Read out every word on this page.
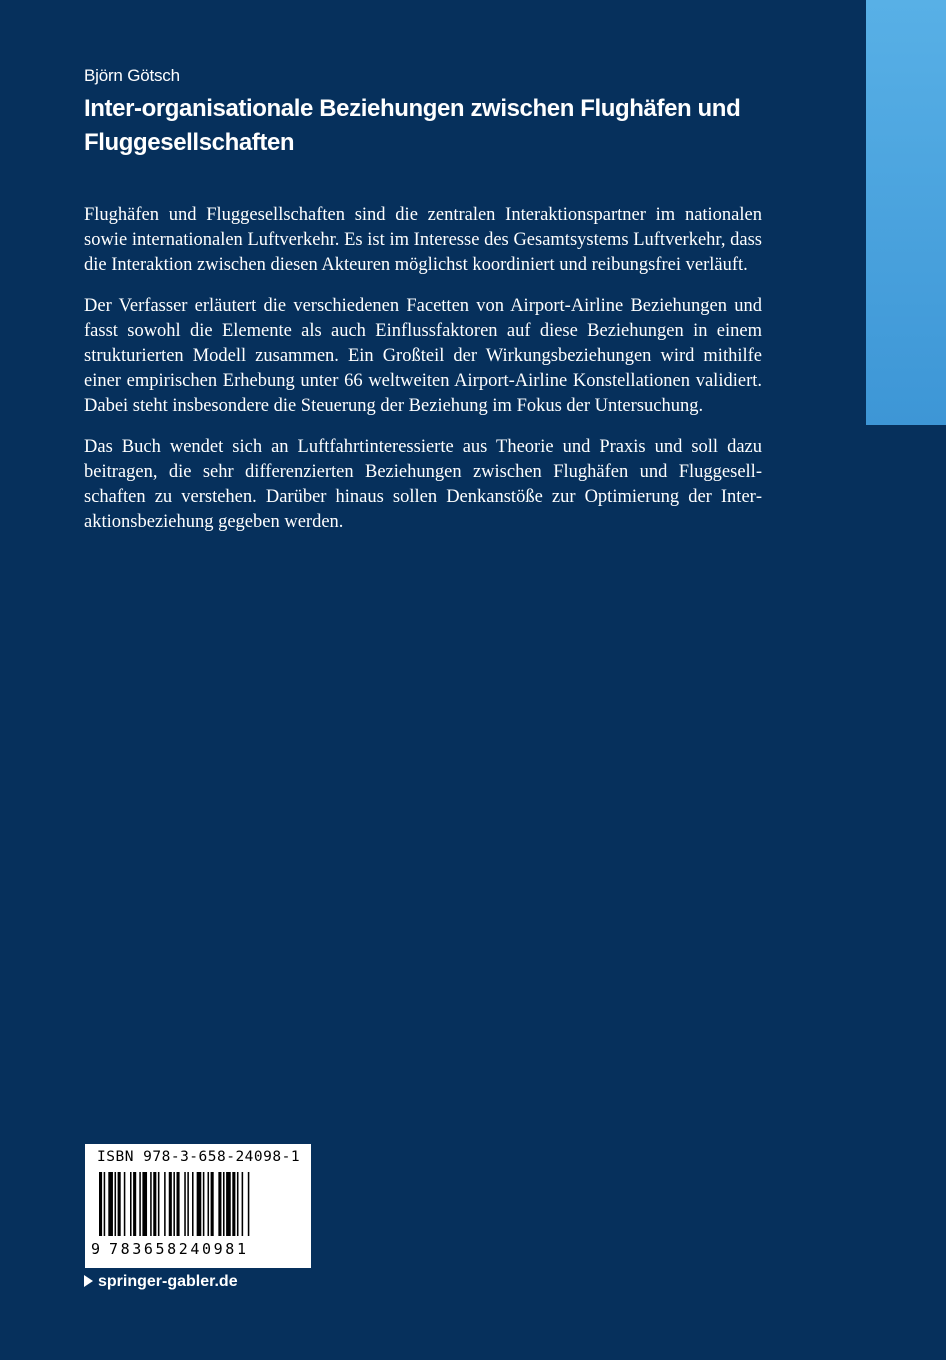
Björn Götsch
Inter-organisationale Beziehungen zwischen Flughäfen und
Fluggesellschaften

Flughäfen und Fluggesellschaften sind die zentralen Interaktionspartner im nationalen sowie internationalen Luftverkehr. Es ist im Interesse des Gesamtsystems Luftverkehr, dass die Interaktion zwischen diesen Akteuren möglichst koordiniert und reibungsfrei verläuft.

Der Verfasser erläutert die verschiedenen Facetten von Airport-Airline Beziehungen und fasst sowohl die Elemente als auch Einflussfaktoren auf diese Beziehungen in einem strukturierten Modell zusammen. Ein Großteil der Wirkungsbeziehungen wird mithilfe einer empirischen Erhebung unter 66 weltweiten Airport-Airline Konstellationen validiert. Dabei steht insbesondere die Steuerung der Beziehung im Fokus der Untersuchung.

Das Buch wendet sich an Luftfahrtinteressierte aus Theorie und Praxis und soll dazu beitragen, die sehr differenzierten Beziehungen zwischen Flughäfen und Fluggesellschaften zu verstehen. Darüber hinaus sollen Denkanstöße zur Optimierung der Interaktionsbeziehung gegeben werden.

ISBN 978-3-658-24098-1
9 783658240981
springer-gabler.de
